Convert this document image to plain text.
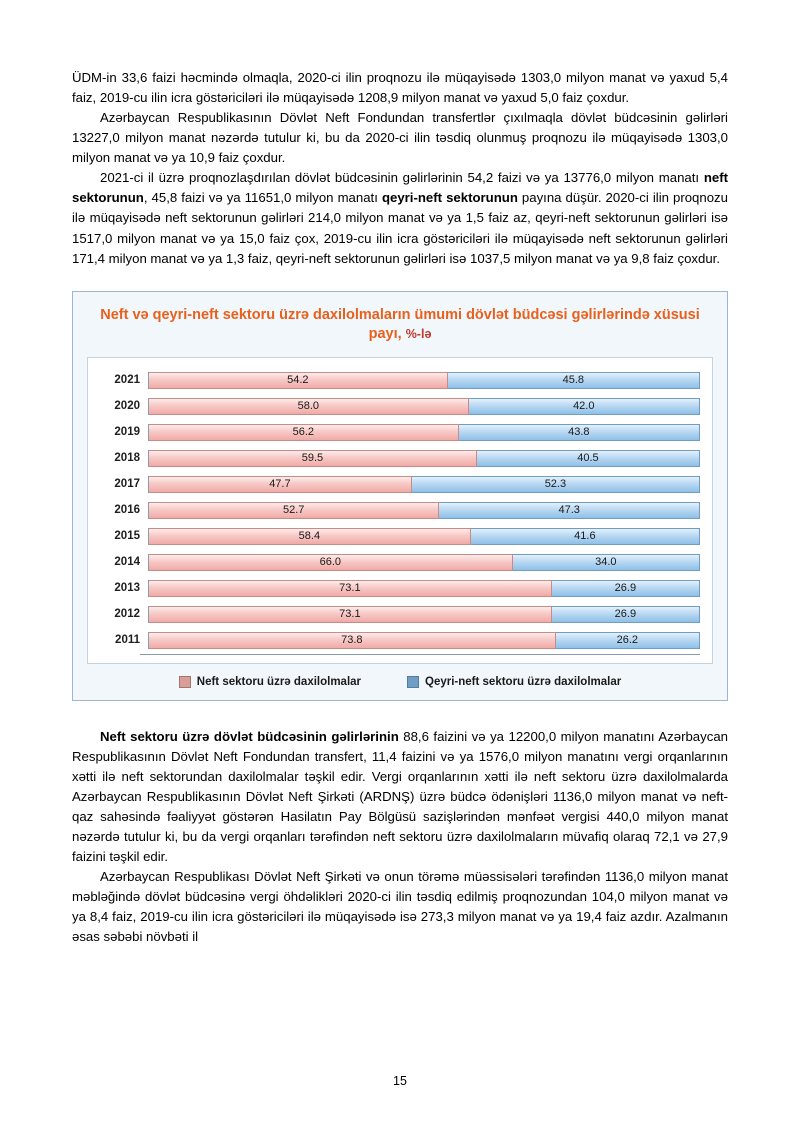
ÜDM-in 33,6 faizi həcmində olmaqla, 2020-ci ilin proqnozu ilə müqayisədə 1303,0 milyon manat və yaxud 5,4 faiz, 2019-cu ilin icra göstəriciləri ilə müqayisədə 1208,9 milyon manat və yaxud 5,0 faiz çoxdur.

Azərbaycan Respublikasının Dövlət Neft Fondundan transfertlər çıxılmaqla dövlət büdcəsinin gəlirləri 13227,0 milyon manat nəzərdə tutulur ki, bu da 2020-ci ilin təsdiq olunmuş proqnozu ilə müqayisədə 1303,0 milyon manat və ya 10,9 faiz çoxdur.

2021-ci il üzrə proqnozlaşdırılan dövlət büdcəsinin gəlirlərinin 54,2 faizi və ya 13776,0 milyon manatı neft sektorunun, 45,8 faizi və ya 11651,0 milyon manatı qeyri-neft sektorunun payına düşür. 2020-ci ilin proqnozu ilə müqayisədə neft sektorunun gəlirləri 214,0 milyon manat və ya 1,5 faiz az, qeyri-neft sektorunun gəlirləri isə 1517,0 milyon manat və ya 15,0 faiz çox, 2019-cu ilin icra göstəriciləri ilə müqayisədə neft sektorunun gəlirləri 171,4 milyon manat və ya 1,3 faiz, qeyri-neft sektorunun gəlirləri isə 1037,5 milyon manat və ya 9,8 faiz çoxdur.

Neft və qeyri-neft sektoru üzrə daxilolmaların ümumi dövlət büdcəsi gəlirlərində xüsusi payı, %-lə
2021	54.2	45.8
2020	58.0	42.0
2019	56.2	43.8
2018	59.5	40.5
2017	47.7	52.3
2016	52.7	47.3
2015	58.4	41.6
2014	66.0	34.0
2013	73.1	26.9
2012	73.1	26.9
2011	73.8	26.2
Neft sektoru üzrə daxilolmalar	Qeyri-neft sektoru üzrə daxilolmalar

Neft sektoru üzrə dövlət büdcəsinin gəlirlərinin 88,6 faizini və ya 12200,0 milyon manatını Azərbaycan Respublikasının Dövlət Neft Fondundan transfert, 11,4 faizini və ya 1576,0 milyon manatını vergi orqanlarının xətti ilə neft sektorundan daxilolmalar təşkil edir. Vergi orqanlarının xətti ilə neft sektoru üzrə daxilolmalarda Azərbaycan Respublikasının Dövlət Neft Şirkəti (ARDNŞ) üzrə büdcə ödənişləri 1136,0 milyon manat və neft-qaz sahəsində fəaliyyət göstərən Hasilatın Pay Bölgüsü sazişlərindən mənfəət vergisi 440,0 milyon manat nəzərdə tutulur ki, bu da vergi orqanları tərəfindən neft sektoru üzrə daxilolmaların müvafiq olaraq 72,1 və 27,9 faizini təşkil edir.

Azərbaycan Respublikası Dövlət Neft Şirkəti və onun törəmə müəssisələri tərəfindən 1136,0 milyon manat məbləğində dövlət büdcəsinə vergi öhdəlikləri 2020-ci ilin təsdiq edilmiş proqnozundan 104,0 milyon manat və ya 8,4 faiz, 2019-cu ilin icra göstəriciləri ilə müqayisədə isə 273,3 milyon manat və ya 19,4 faiz azdır. Azalmanın əsas səbəbi növbəti il

15
